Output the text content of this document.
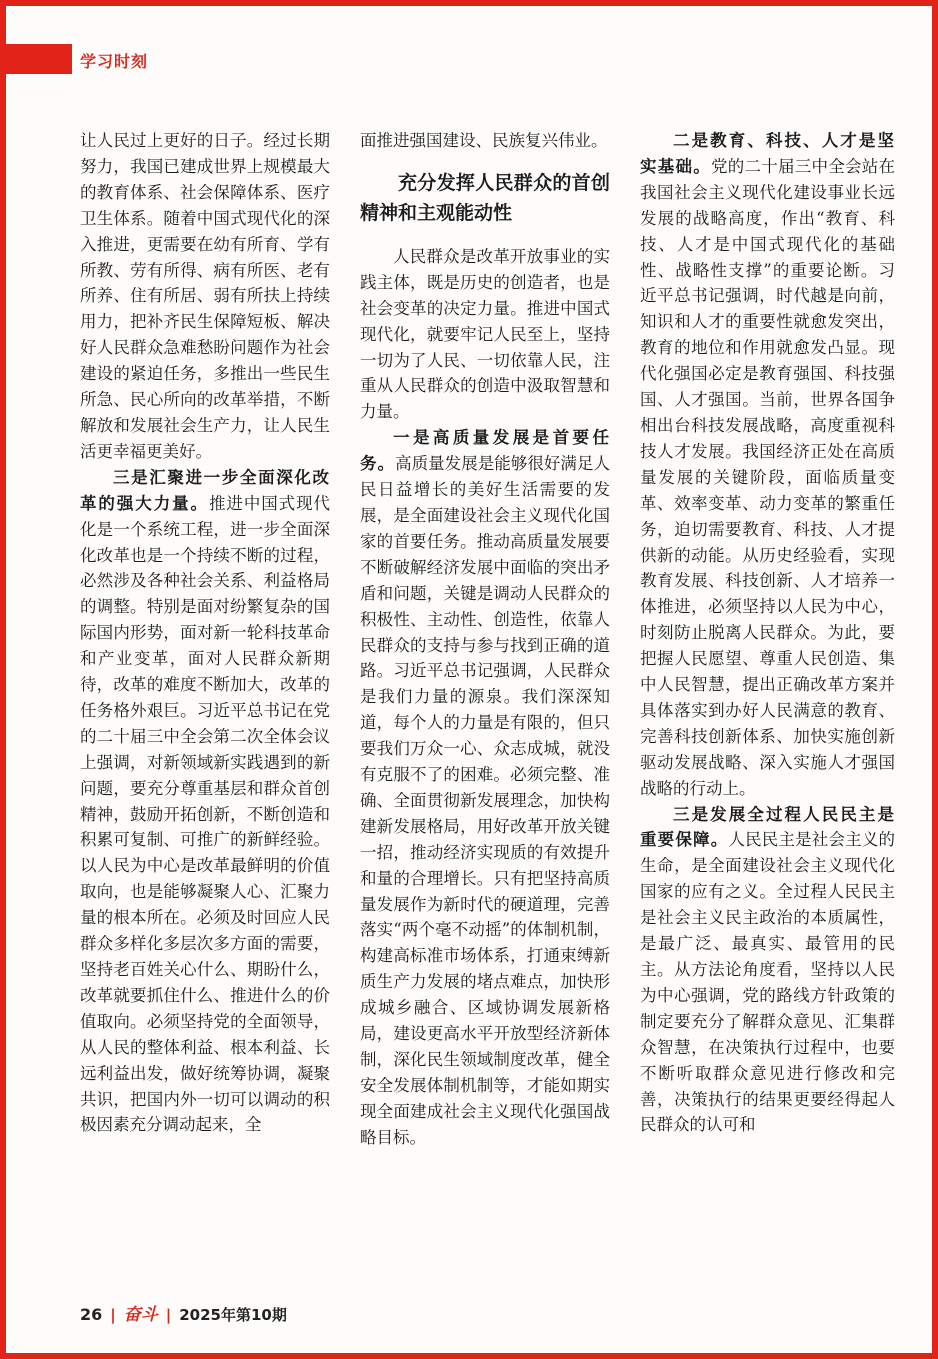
学习时刻

让人民过上更好的日子。经过长期努力，我国已建成世界上规模最大的教育体系、社会保障体系、医疗卫生体系。随着中国式现代化的深入推进，更需要在幼有所育、学有所教、劳有所得、病有所医、老有所养、住有所居、弱有所扶上持续用力，把补齐民生保障短板、解决好人民群众急难愁盼问题作为社会建设的紧迫任务，多推出一些民生所急、民心所向的改革举措，不断解放和发展社会生产力，让人民生活更幸福更美好。

三是汇聚进一步全面深化改革的强大力量。推进中国式现代化是一个系统工程，进一步全面深化改革也是一个持续不断的过程，必然涉及各种社会关系、利益格局的调整。特别是面对纷繁复杂的国际国内形势，面对新一轮科技革命和产业变革，面对人民群众新期待，改革的难度不断加大，改革的任务格外艰巨。习近平总书记在党的二十届三中全会第二次全体会议上强调，对新领域新实践遇到的新问题，要充分尊重基层和群众首创精神，鼓励开拓创新，不断创造和积累可复制、可推广的新鲜经验。以人民为中心是改革最鲜明的价值取向，也是能够凝聚人心、汇聚力量的根本所在。必须及时回应人民群众多样化多层次多方面的需要，坚持老百姓关心什么、期盼什么，改革就要抓住什么、推进什么的价值取向。必须坚持党的全面领导，从人民的整体利益、根本利益、长远利益出发，做好统筹协调，凝聚共识，把国内外一切可以调动的积极因素充分调动起来，全

面推进强国建设、民族复兴伟业。

充分发挥人民群众的首创精神和主观能动性

人民群众是改革开放事业的实践主体，既是历史的创造者，也是社会变革的决定力量。推进中国式现代化，就要牢记人民至上，坚持一切为了人民、一切依靠人民，注重从人民群众的创造中汲取智慧和力量。

一是高质量发展是首要任务。高质量发展是能够很好满足人民日益增长的美好生活需要的发展，是全面建设社会主义现代化国家的首要任务。推动高质量发展要不断破解经济发展中面临的突出矛盾和问题，关键是调动人民群众的积极性、主动性、创造性，依靠人民群众的支持与参与找到正确的道路。习近平总书记强调，人民群众是我们力量的源泉。我们深深知道，每个人的力量是有限的，但只要我们万众一心、众志成城，就没有克服不了的困难。必须完整、准确、全面贯彻新发展理念，加快构建新发展格局，用好改革开放关键一招，推动经济实现质的有效提升和量的合理增长。只有把坚持高质量发展作为新时代的硬道理，完善落实“两个毫不动摇”的体制机制，构建高标准市场体系，打通束缚新质生产力发展的堵点难点，加快形成城乡融合、区域协调发展新格局，建设更高水平开放型经济新体制，深化民生领域制度改革，健全安全发展体制机制等，才能如期实现全面建成社会主义现代化强国战略目标。

二是教育、科技、人才是坚实基础。党的二十届三中全会站在我国社会主义现代化建设事业长远发展的战略高度，作出“教育、科技、人才是中国式现代化的基础性、战略性支撑”的重要论断。习近平总书记强调，时代越是向前，知识和人才的重要性就愈发突出，教育的地位和作用就愈发凸显。现代化强国必定是教育强国、科技强国、人才强国。当前，世界各国争相出台科技发展战略，高度重视科技人才发展。我国经济正处在高质量发展的关键阶段，面临质量变革、效率变革、动力变革的繁重任务，迫切需要教育、科技、人才提供新的动能。从历史经验看，实现教育发展、科技创新、人才培养一体推进，必须坚持以人民为中心，时刻防止脱离人民群众。为此，要把握人民愿望、尊重人民创造、集中人民智慧，提出正确改革方案并具体落实到办好人民满意的教育、完善科技创新体系、加快实施创新驱动发展战略、深入实施人才强国战略的行动上。

三是发展全过程人民民主是重要保障。人民民主是社会主义的生命，是全面建设社会主义现代化国家的应有之义。全过程人民民主是社会主义民主政治的本质属性，是最广泛、最真实、最管用的民主。从方法论角度看，坚持以人民为中心强调，党的路线方针政策的制定要充分了解群众意见、汇集群众智慧，在决策执行过程中，也要不断听取群众意见进行修改和完善，决策执行的结果更要经得起人民群众的认可和

26 | 奋斗 | 2025年第10期
